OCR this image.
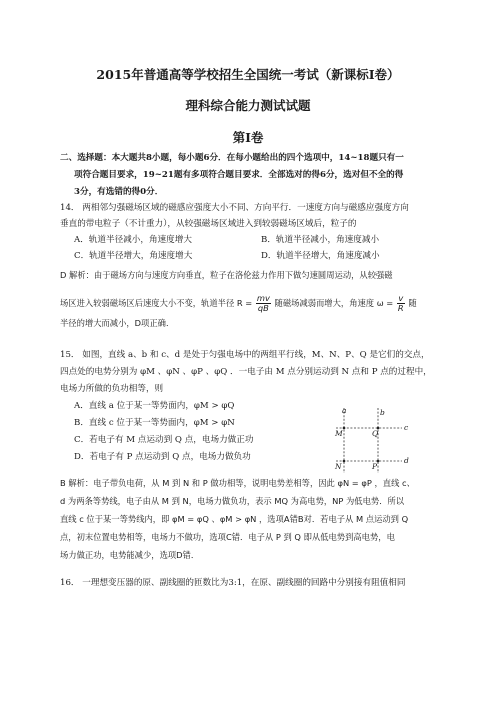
2015年普通高等学校招生全国统一考试（新课标Ⅰ卷）
理科综合能力测试试题
第Ⅰ卷
二、选择题：本大题共8小题，每小题6分．在每小题给出的四个选项中，14~18题只有一
项符合题目要求，19~21题有多项符合题目要求．全部选对的得6分，选对但不全的得
3分，有选错的得0分．
14． 两相邻匀强磁场区域的磁感应强度大小不同、方向平行．一速度方向与磁感应强度方向
垂直的带电粒子（不计重力），从较强磁场区域进入到较弱磁场区域后，粒子的
A．轨道半径减小，角速度增大	B．轨道半径减小，角速度减小
C．轨道半径增大，角速度增大	D．轨道半径增大，角速度减小
D 解析：由于磁场方向与速度方向垂直，粒子在洛伦兹力作用下做匀速圆周运动，从较强磁
场区进入较弱磁场区后速度大小不变，轨道半径 $R = \frac{mv}{qB}$ 随磁场减弱而增大，角速度 $\omega = \frac{v}{R}$ 随
半径的增大而减小，D项正确．
15． 如图，直线 a、b 和 c、d 是处于匀强电场中的两组平行线，M、N、P、Q 是它们的交点，
四点处的电势分别为 φM 、φN 、φP 、φQ ．一电子由 M 点分别运动到 N 点和 P 点的过程中，
电场力所做的负功相等，则
A．直线 a 位于某一等势面内，φM > φQ
B．直线 c 位于某一等势面内，φM > φN
C．若电子有 M 点运动到 Q 点，电场力做正功
D．若电子有 P 点运动到 Q 点，电场力做负功
a	b
c
d
M	Q
N	P
B 解析：电子带负电荷，从 M 到 N 和 P 做功相等，说明电势差相等，因此 φN = φP ，直线 c、
d 为两条等势线，电子由从 M 到 N，电场力做负功，表示 MQ 为高电势，NP 为低电势．所以
直线 c 位于某一等势线内，即 φM = φQ 、φM > φN ，选项A错B对．若电子从 M 点运动到 Q
点，初末位置电势相等，电场力不做功，选项C错．电子从 P 到 Q 即从低电势到高电势，电
场力做正功，电势能减少，选项D错．
16． 一理想变压器的原、副线圈的匝数比为3:1，在原、副线圈的回路中分别接有阻值相同
